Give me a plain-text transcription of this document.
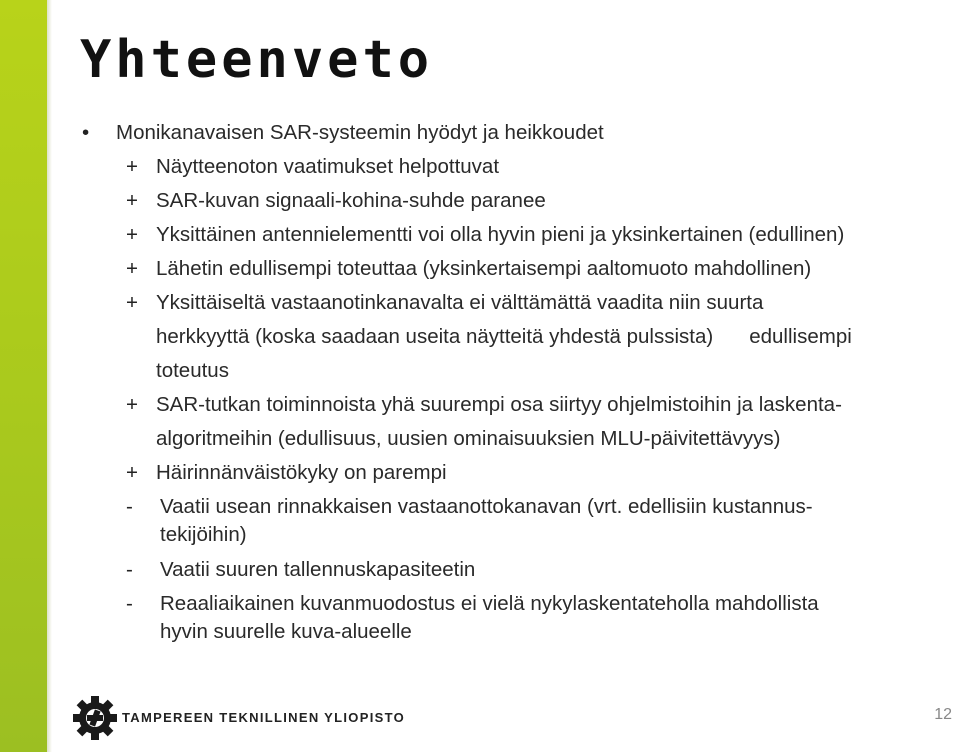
Yhteenveto
• Monikanavaisen SAR-systeemin hyödyt ja heikkoudet
+ Näytteenoton vaatimukset helpottuvat
+ SAR-kuvan signaali-kohina-suhde paranee
+ Yksittäinen antennielementti voi olla hyvin pieni ja yksinkertainen (edullinen)
+ Lähetin edullisempi toteuttaa (yksinkertaisempi aaltomuoto mahdollinen)
+ Yksittäiseltä vastaanotinkanavalta ei välttämättä vaadita niin suurta
herkkyyttä (koska saadaan useita näytteitä yhdestä pulssista) edullisempi
toteutus
+ SAR-tutkan toiminnoista yhä suurempi osa siirtyy ohjelmistoihin ja laskenta-
algoritmeihin (edullisuus, uusien ominaisuuksien MLU-päivitettävyys)
+ Häirinnänväistökyky on parempi
- Vaatii usean rinnakkaisen vastaanottokanavan (vrt. edellisiin kustannus-
tekijöihin)
- Vaatii suuren tallennuskapasiteetin
- Reaaliaikainen kuvanmuodostus ei vielä nykylaskentateholla mahdollista
hyvin suurelle kuva-alueelle
TAMPEREEN TEKNILLINEN YLIOPISTO	12
